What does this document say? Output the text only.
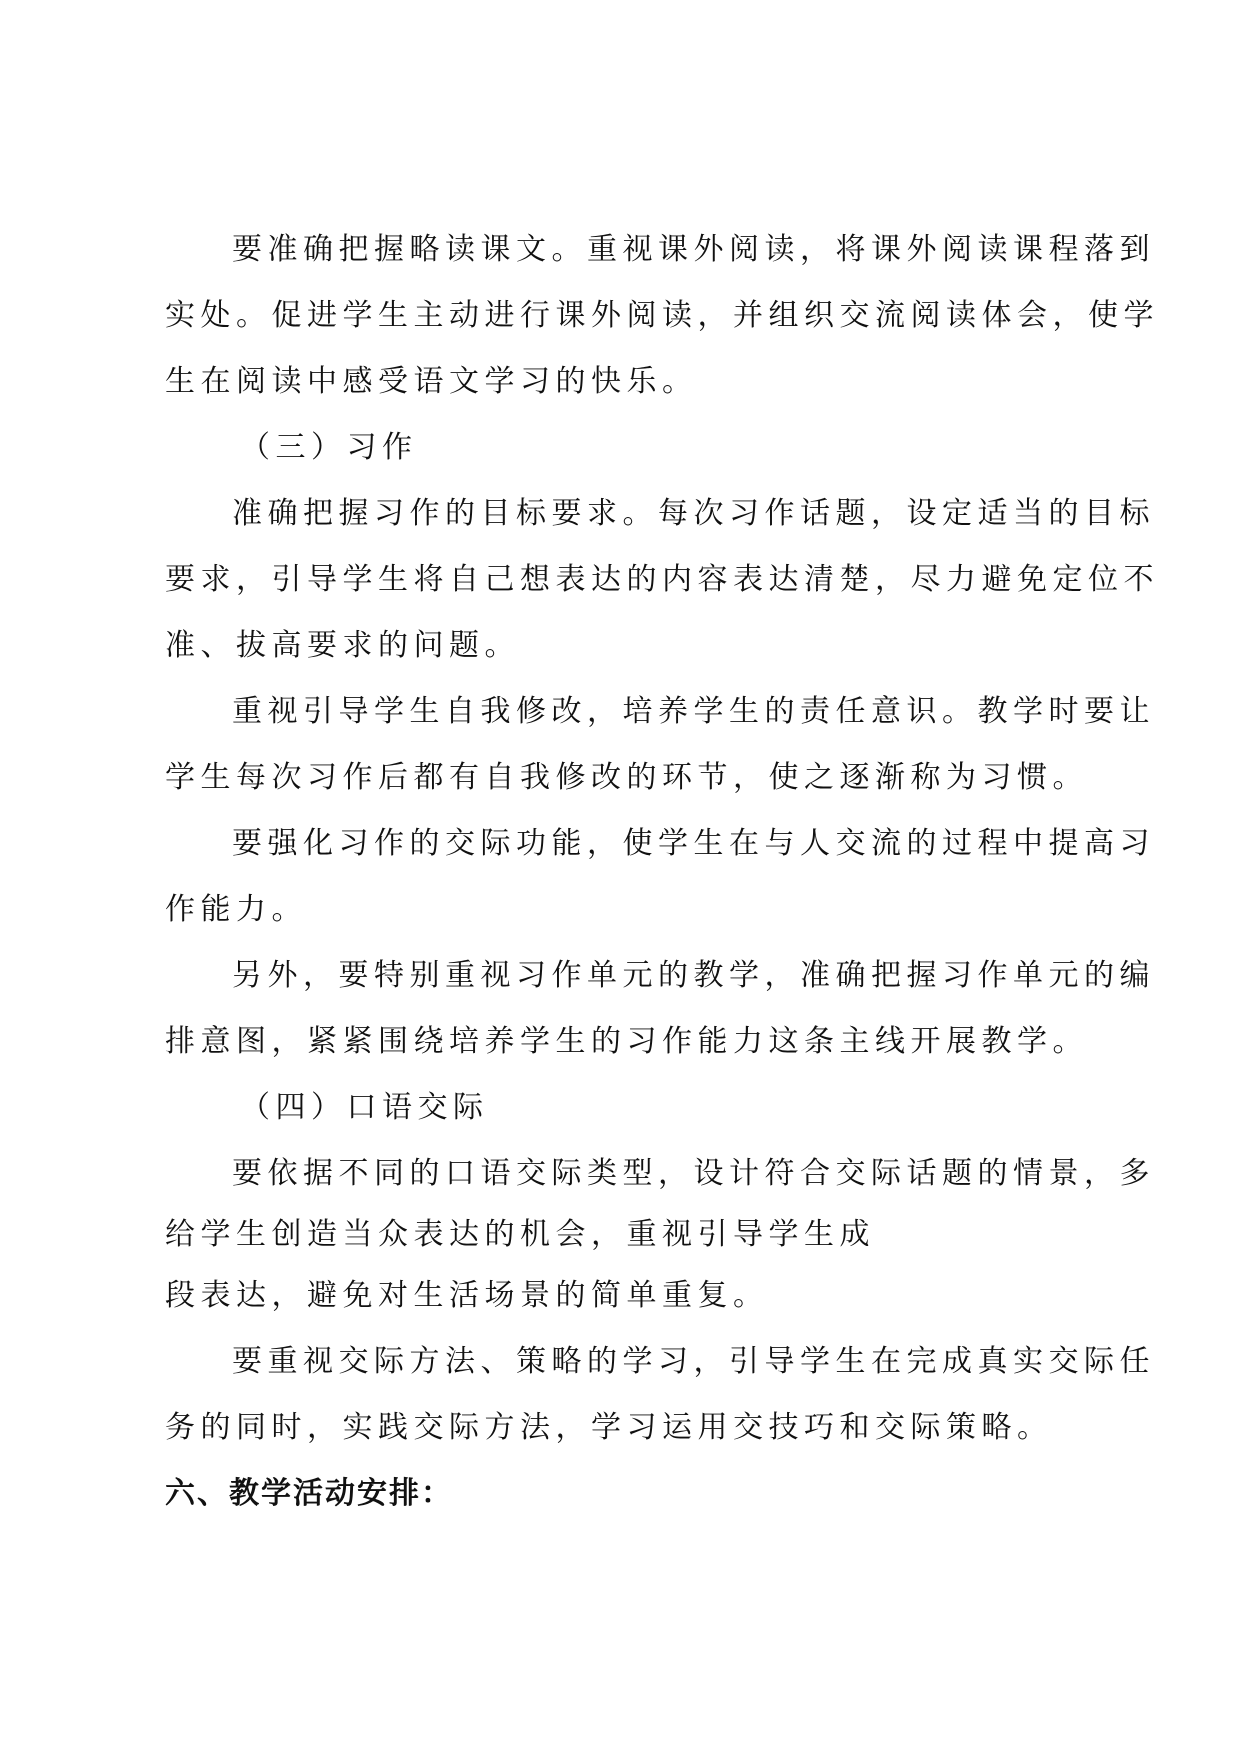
要准确把握略读课文。重视课外阅读，将课外阅读课程落到

实处。促进学生主动进行课外阅读，并组织交流阅读体会，使学

生在阅读中感受语文学习的快乐。

（三）习作

准确把握习作的目标要求。每次习作话题，设定适当的目标

要求，引导学生将自己想表达的内容表达清楚，尽力避免定位不

准、拔高要求的问题。

重视引导学生自我修改，培养学生的责任意识。教学时要让

学生每次习作后都有自我修改的环节，使之逐渐称为习惯。

要强化习作的交际功能，使学生在与人交流的过程中提高习

作能力。

另外，要特别重视习作单元的教学，准确把握习作单元的编

排意图，紧紧围绕培养学生的习作能力这条主线开展教学。

（四）口语交际

要依据不同的口语交际类型，设计符合交际话题的情景，多

给学生创造当众表达的机会，重视引导学生成

段表达，避免对生活场景的简单重复。

要重视交际方法、策略的学习，引导学生在完成真实交际任

务的同时，实践交际方法，学习运用交技巧和交际策略。

六、教学活动安排：
